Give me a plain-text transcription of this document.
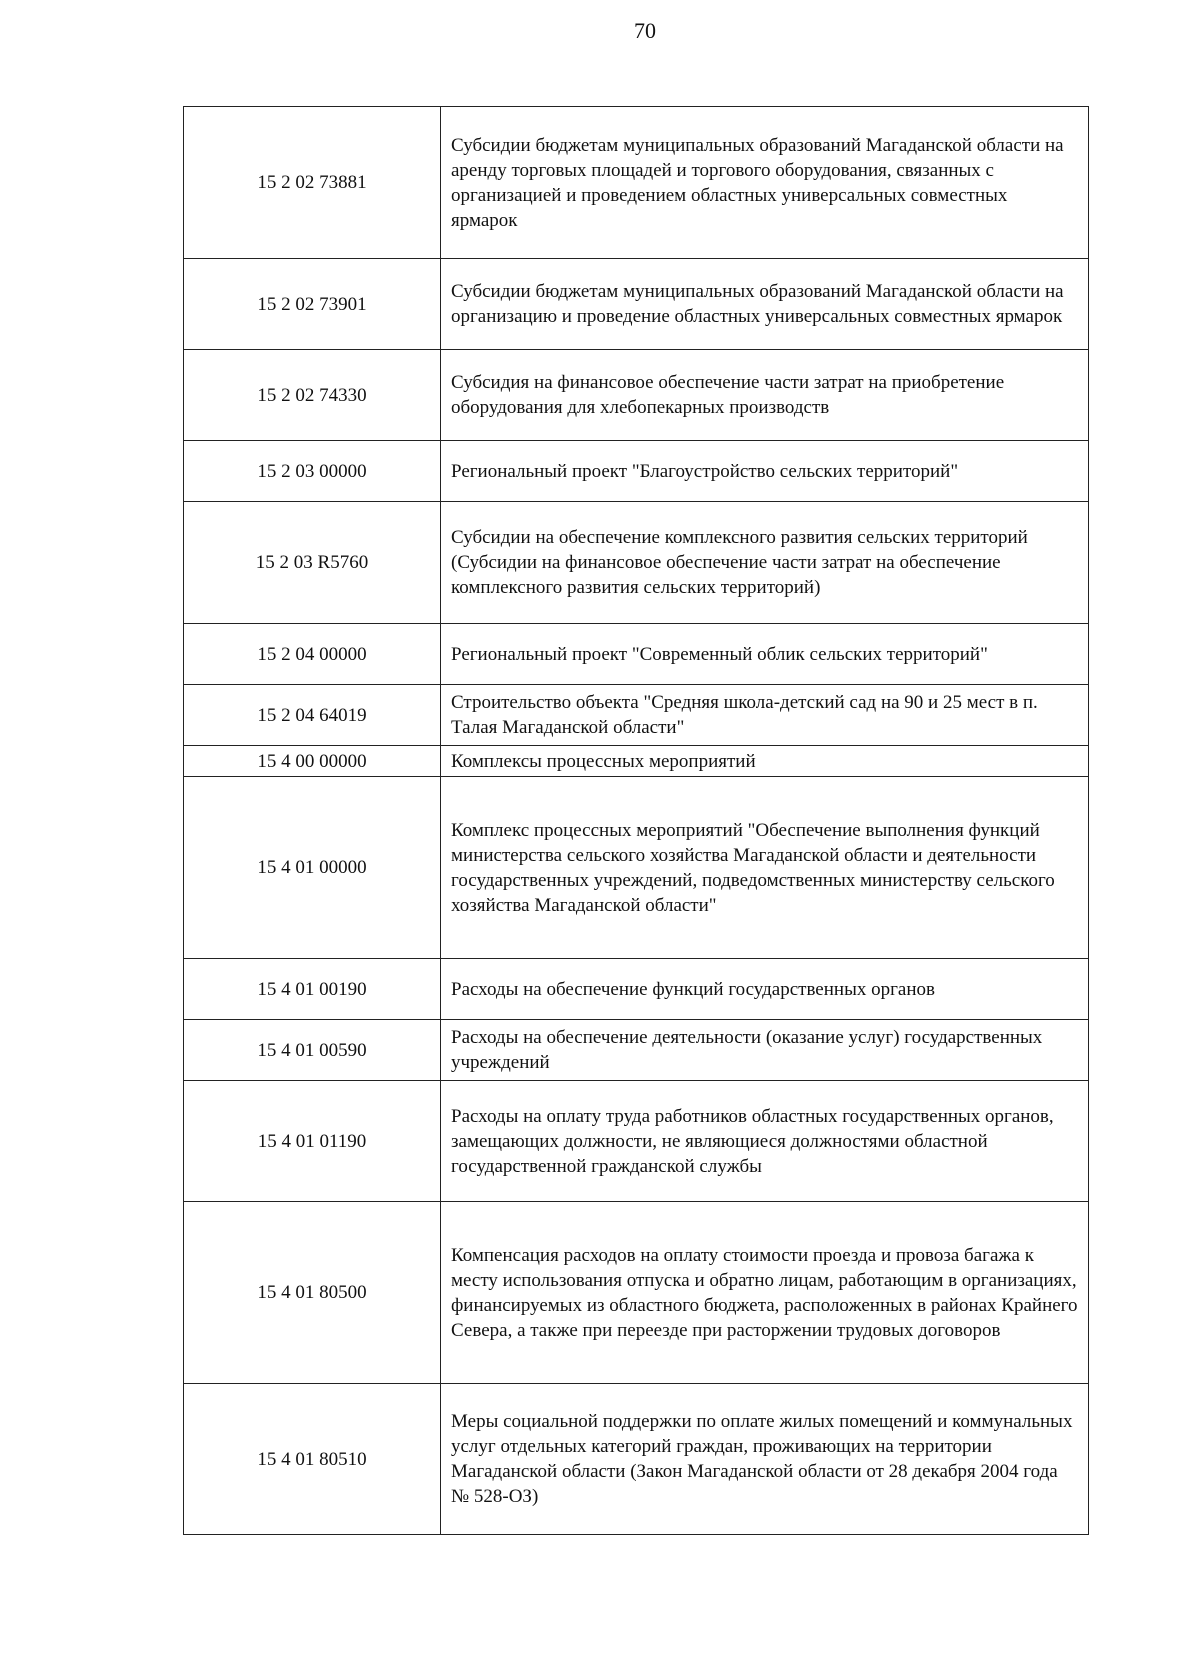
70
15 2 02 73881	Субсидии бюджетам муниципальных образований Магаданской области на аренду торговых площадей и торгового оборудования, связанных с организацией и проведением областных универсальных совместных ярмарок
15 2 02 73901	Субсидии бюджетам муниципальных образований Магаданской области на организацию и проведение областных универсальных совместных ярмарок
15 2 02 74330	Субсидия на финансовое обеспечение части затрат на приобретение оборудования для хлебопекарных производств
15 2 03 00000	Региональный проект "Благоустройство сельских территорий"
15 2 03 R5760	Субсидии на обеспечение комплексного развития сельских территорий (Субсидии на финансовое обеспечение части затрат на обеспечение комплексного развития сельских территорий)
15 2 04 00000	Региональный проект "Современный облик сельских территорий"
15 2 04 64019	Строительство объекта "Средняя школа-детский сад на 90 и 25 мест в п. Талая Магаданской области"
15 4 00 00000	Комплексы процессных мероприятий
15 4 01 00000	Комплекс процессных мероприятий "Обеспечение выполнения функций министерства сельского хозяйства Магаданской области и деятельности государственных учреждений, подведомственных министерству сельского хозяйства Магаданской области"
15 4 01 00190	Расходы на обеспечение функций государственных органов
15 4 01 00590	Расходы на обеспечение деятельности (оказание услуг) государственных учреждений
15 4 01 01190	Расходы на оплату труда работников областных государственных органов, замещающих должности, не являющиеся должностями областной государственной гражданской службы
15 4 01 80500	Компенсация расходов на оплату стоимости проезда и провоза багажа к месту использования отпуска и обратно лицам, работающим в организациях, финансируемых из областного бюджета, расположенных в районах Крайнего Севера, а также при переезде при расторжении трудовых договоров
15 4 01 80510	Меры социальной поддержки по оплате жилых помещений и коммунальных услуг отдельных категорий граждан, проживающих на территории Магаданской области (Закон Магаданской области от 28 декабря 2004 года № 528-ОЗ)
